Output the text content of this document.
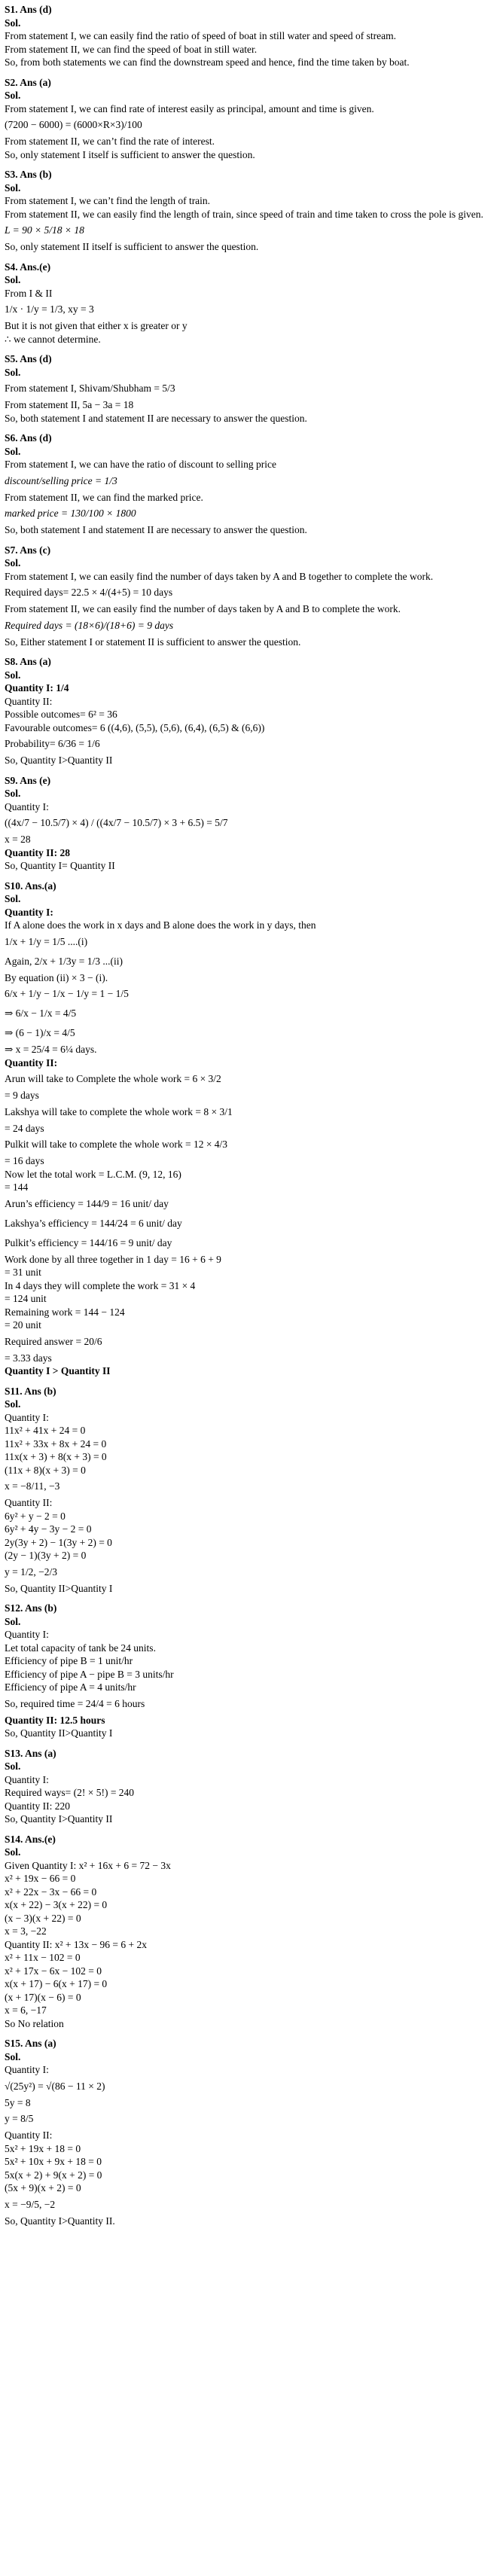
S1. Ans (d)
Sol.
From statement I, we can easily find the ratio of speed of boat in still water and speed of stream.
From statement II, we can find the speed of boat in still water.
So, from both statements we can find the downstream speed and hence, find the time taken by boat.
S2. Ans (a)
Sol.
From statement I, we can find rate of interest easily as principal, amount and time is given.
(7200 − 6000) = (6000×R×3)/100
From statement II, we can’t find the rate of interest.
So, only statement I itself is sufficient to answer the question.
S3. Ans (b)
Sol.
From statement I, we can’t find the length of train.
From statement II, we can easily find the length of train, since speed of train and time taken to cross the pole is given.
L = 90 × 5/18 × 18
So, only statement II itself is sufficient to answer the question.
S4. Ans.(e)
Sol.
From I & II
1/x · 1/y = 1/3, xy = 3
But it is not given that either x is greater or y
∴ we cannot determine.
S5. Ans (d)
Sol.
From statement I, Shivam/Shubham = 5/3
From statement II, 5a − 3a = 18
So, both statement I and statement II are necessary to answer the question.
S6. Ans (d)
Sol.
From statement I, we can have the ratio of discount to selling price
discount/selling price = 1/3
From statement II, we can find the marked price.
marked price = 130/100 × 1800
So, both statement I and statement II are necessary to answer the question.
S7. Ans (c)
Sol.
From statement I, we can easily find the number of days taken by A and B together to complete the work.
Required days= 22.5 × 4/(4+5) = 10 days
From statement II, we can easily find the number of days taken by A and B to complete the work.
Required days = (18×6)/(18+6) = 9 days
So, Either statement I or statement II is sufficient to answer the question.
S8. Ans (a)
Sol.
Quantity I: 1/4
Quantity II:
Possible outcomes= 6² = 36
Favourable outcomes= 6 ((4,6), (5,5), (5,6), (6,4), (6,5) & (6,6))
Probability= 6/36 = 1/6
So, Quantity I>Quantity II
S9. Ans (e)
Sol.
Quantity I:
((4x/7 − 10.5/7) × 4) / ((4x/7 − 10.5/7) × 3 + 6.5) = 5/7
x = 28
Quantity II: 28
So, Quantity I= Quantity II
S10. Ans.(a)
Sol.
Quantity I:
If A alone does the work in x days and B alone does the work in y days, then
1/x + 1/y = 1/5 ....(i)
Again, 2/x + 1/3y = 1/3 ...(ii)
By equation (ii) × 3 − (i).
6/x + 1/y − 1/x − 1/y = 1 − 1/5
⇒ 6/x − 1/x = 4/5
⇒ (6 − 1)/x = 4/5
⇒ x = 25/4 = 6¼ days.
Quantity II:
Arun will take to Complete the whole work = 6 × 3/2
= 9 days
Lakshya will take to complete the whole work = 8 × 3/1
= 24 days
Pulkit will take to complete the whole work = 12 × 4/3
= 16 days
Now let the total work = L.C.M. (9, 12, 16)
= 144
Arun’s efficiency = 144/9 = 16 unit/ day
Lakshya’s efficiency = 144/24 = 6 unit/ day
Pulkit’s efficiency = 144/16 = 9 unit/ day
Work done by all three together in 1 day = 16 + 6 + 9
= 31 unit
In 4 days they will complete the work = 31 × 4
= 124 unit
Remaining work = 144 − 124
= 20 unit
Required answer = 20/6
= 3.33 days
Quantity I > Quantity II
S11. Ans (b)
Sol.
Quantity I:
11x² + 41x + 24 = 0
11x² + 33x + 8x + 24 = 0
11x(x + 3) + 8(x + 3) = 0
(11x + 8)(x + 3) = 0
x = −8/11, −3
Quantity II:
6y² + y − 2 = 0
6y² + 4y − 3y − 2 = 0
2y(3y + 2) − 1(3y + 2) = 0
(2y − 1)(3y + 2) = 0
y = 1/2, −2/3
So, Quantity II>Quantity I
S12. Ans (b)
Sol.
Quantity I:
Let total capacity of tank be 24 units.
Efficiency of pipe B = 1 unit/hr
Efficiency of pipe A − pipe B = 3 units/hr
Efficiency of pipe A = 4 units/hr
So, required time = 24/4 = 6 hours
Quantity II: 12.5 hours
So, Quantity II>Quantity I
S13. Ans (a)
Sol.
Quantity I:
Required ways= (2! × 5!) = 240
Quantity II: 220
So, Quantity I>Quantity II
S14. Ans.(e)
Sol.
Given Quantity I: x² + 16x + 6 = 72 − 3x
x² + 19x − 66 = 0
x² + 22x − 3x − 66 = 0
x(x + 22) − 3(x + 22) = 0
(x − 3)(x + 22) = 0
x = 3, −22
Quantity II: x² + 13x − 96 = 6 + 2x
x² + 11x − 102 = 0
x² + 17x − 6x − 102 = 0
x(x + 17) − 6(x + 17) = 0
(x + 17)(x − 6) = 0
x = 6, −17
So No relation
S15. Ans (a)
Sol.
Quantity I:
√(25y²) = √(86 − 11 × 2)
5y = 8
y = 8/5
Quantity II:
5x² + 19x + 18 = 0
5x² + 10x + 9x + 18 = 0
5x(x + 2) + 9(x + 2) = 0
(5x + 9)(x + 2) = 0
x = −9/5, −2
So, Quantity I>Quantity II.
